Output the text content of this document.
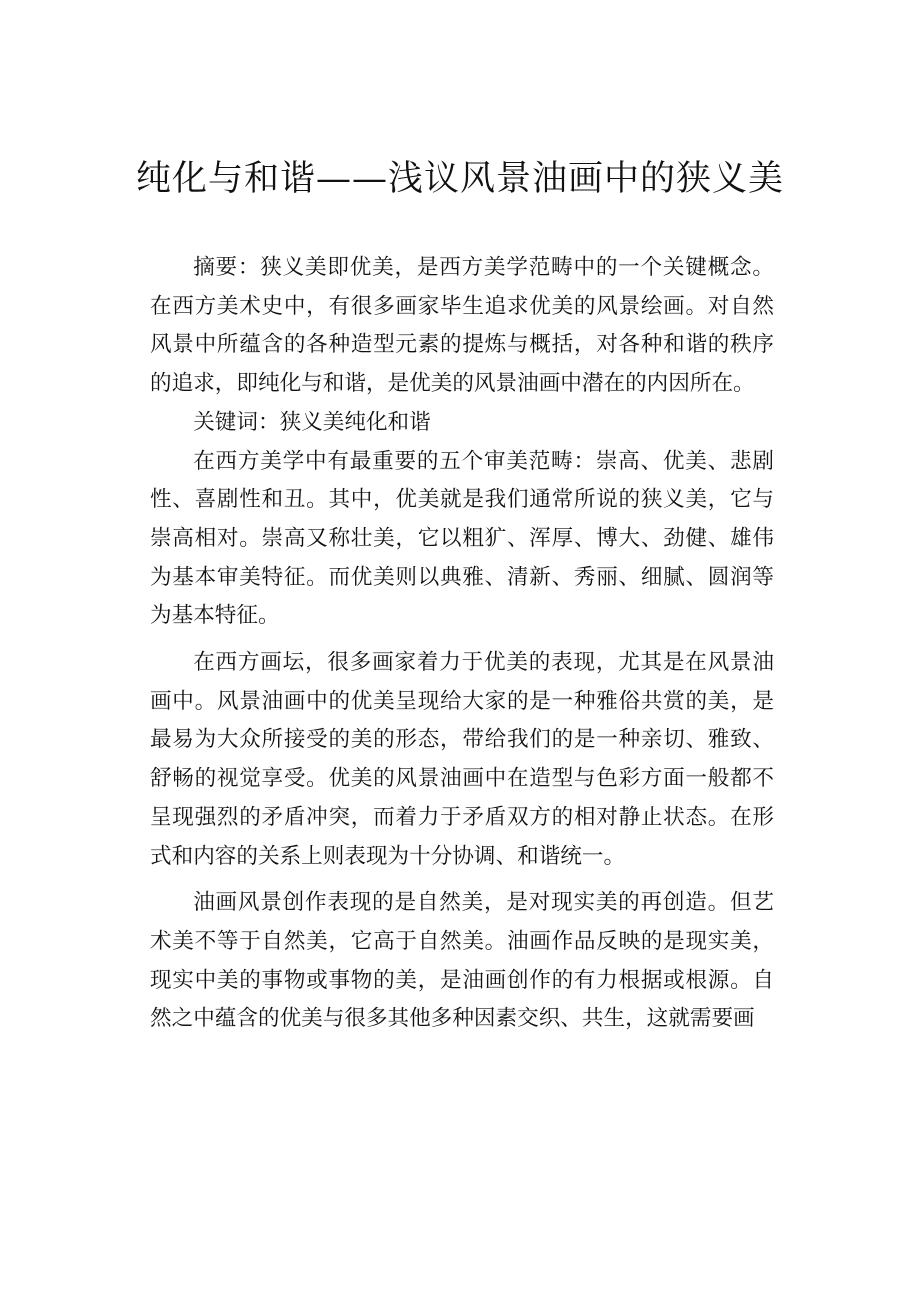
纯化与和谐——浅议风景油画中的狭义美

摘要：狭义美即优美，是西方美学范畴中的一个关键概念。在西方美术史中，有很多画家毕生追求优美的风景绘画。对自然风景中所蕴含的各种造型元素的提炼与概括，对各种和谐的秩序的追求，即纯化与和谐，是优美的风景油画中潜在的内因所在。

关键词：狭义美纯化和谐

在西方美学中有最重要的五个审美范畴：崇高、优美、悲剧性、喜剧性和丑。其中，优美就是我们通常所说的狭义美，它与崇高相对。崇高又称壮美，它以粗犷、浑厚、博大、劲健、雄伟为基本审美特征。而优美则以典雅、清新、秀丽、细腻、圆润等为基本特征。

在西方画坛，很多画家着力于优美的表现，尤其是在风景油画中。风景油画中的优美呈现给大家的是一种雅俗共赏的美，是最易为大众所接受的美的形态，带给我们的是一种亲切、雅致、舒畅的视觉享受。优美的风景油画中在造型与色彩方面一般都不呈现强烈的矛盾冲突，而着力于矛盾双方的相对静止状态。在形式和内容的关系上则表现为十分协调、和谐统一。

油画风景创作表现的是自然美，是对现实美的再创造。但艺术美不等于自然美，它高于自然美。油画作品反映的是现实美，现实中美的事物或事物的美，是油画创作的有力根据或根源。自然之中蕴含的优美与很多其他多种因素交织、共生，这就需要画
